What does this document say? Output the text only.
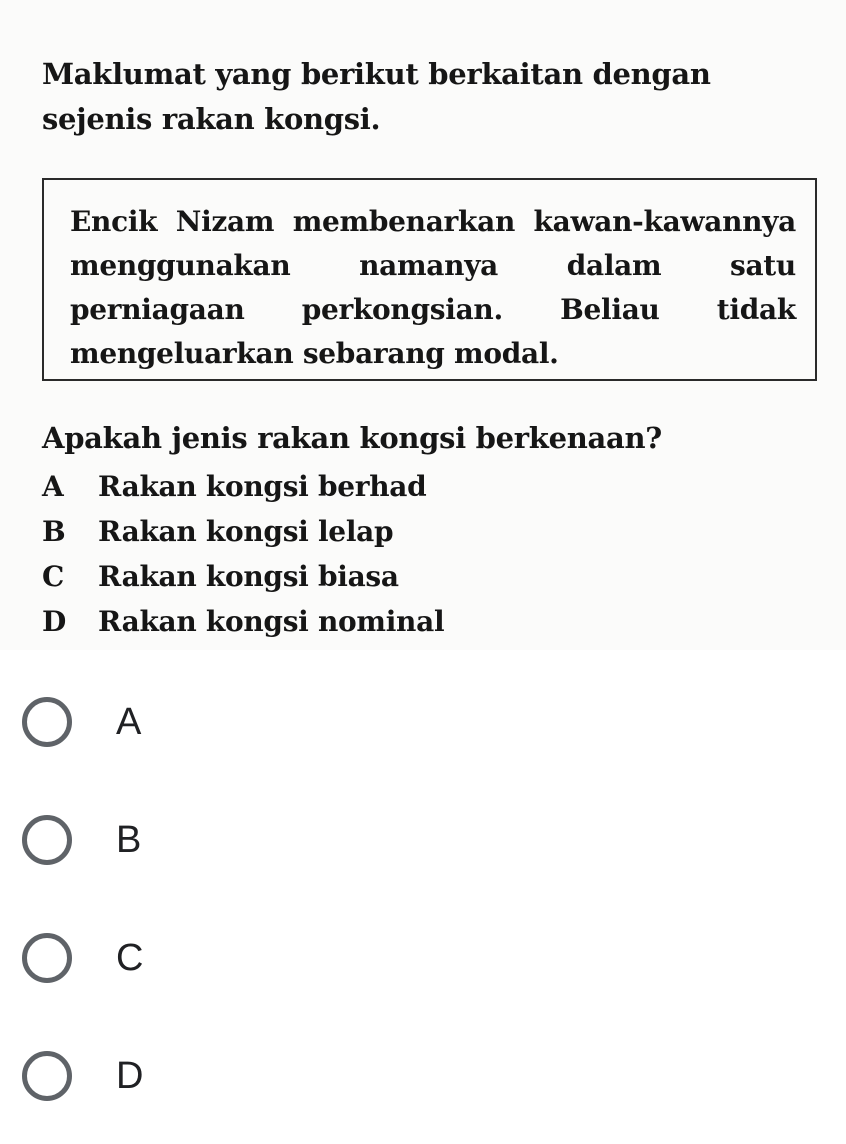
Maklumat yang berikut berkaitan dengan sejenis rakan kongsi.
Encik Nizam membenarkan kawan-kawannya menggunakan namanya dalam satu perniagaan perkongsian. Beliau tidak mengeluarkan sebarang modal.
Apakah jenis rakan kongsi berkenaan?
A	Rakan kongsi berhad
B	Rakan kongsi lelap
C	Rakan kongsi biasa
D	Rakan kongsi nominal
A
B
C
D
